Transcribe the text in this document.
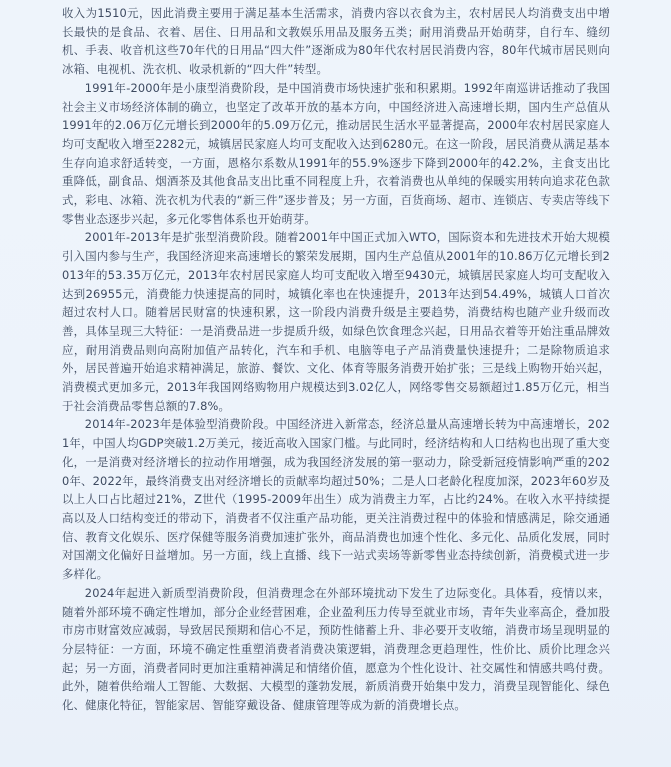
收入为1510元，因此消费主要用于满足基本生活需求，消费内容以衣食为主，农村居民人均消费支出中增长最快的是食品、衣着、居住、日用品和文教娱乐用品及服务五类；耐用消费品开始萌芽，自行车、缝纫机、手表、收音机这些70年代的日用品“四大件”逐渐成为80年代农村居民消费内容，80年代城市居民则向冰箱、电视机、洗衣机、收录机新的“四大件”转型。

1991年-2000年是小康型消费阶段，是中国消费市场快速扩张和积累期。1992年南巡讲话推动了我国社会主义市场经济体制的确立，也坚定了改革开放的基本方向，中国经济进入高速增长期，国内生产总值从1991年的2.06万亿元增长到2000年的5.09万亿元，推动居民生活水平显著提高，2000年农村居民家庭人均可支配收入增至2282元，城镇居民家庭人均可支配收入达到6280元。在这一阶段，居民消费从满足基本生存向追求舒适转变，一方面，恩格尔系数从1991年的55.9%逐步下降到2000年的42.2%，主食支出比重降低，副食品、烟酒茶及其他食品支出比重不同程度上升，衣着消费也从单纯的保暖实用转向追求花色款式，彩电、冰箱、洗衣机为代表的“新三件”逐步普及；另一方面，百货商场、超市、连锁店、专卖店等线下零售业态逐步兴起，多元化零售体系也开始萌芽。

2001年-2013年是扩张型消费阶段。随着2001年中国正式加入WTO，国际资本和先进技术开始大规模引入国内参与生产，我国经济迎来高速增长的繁荣发展期，国内生产总值从2001年的10.86万亿元增长到2013年的53.35万亿元，2013年农村居民家庭人均可支配收入增至9430元，城镇居民家庭人均可支配收入达到26955元，消费能力快速提高的同时，城镇化率也在快速提升，2013年达到54.49%，城镇人口首次超过农村人口。随着居民财富的快速积累，这一阶段内消费升级是主要趋势，消费结构也随产业升级而改善，具体呈现三大特征：一是消费品进一步提质升级，如绿色饮食理念兴起，日用品衣着等开始注重品牌效应，耐用消费品则向高附加值产品转化，汽车和手机、电脑等电子产品消费量快速提升；二是除物质追求外，居民普遍开始追求精神满足，旅游、餐饮、文化、体育等服务消费开始扩张；三是线上购物开始兴起，消费模式更加多元，2013年我国网络购物用户规模达到3.02亿人，网络零售交易额超过1.85万亿元，相当于社会消费品零售总额的7.8%。

2014年-2023年是体验型消费阶段。中国经济进入新常态，经济总量从高速增长转为中高速增长，2021年，中国人均GDP突破1.2万美元，接近高收入国家门槛。与此同时，经济结构和人口结构也出现了重大变化，一是消费对经济增长的拉动作用增强，成为我国经济发展的第一驱动力，除受新冠疫情影响严重的2020年、2022年，最终消费支出对经济增长的贡献率均超过50%；二是人口老龄化程度加深，2023年60岁及以上人口占比超过21%，Z世代（1995-2009年出生）成为消费主力军，占比约24%。在收入水平持续提高以及人口结构变迁的带动下，消费者不仅注重产品功能，更关注消费过程中的体验和情感满足，除交通通信、教育文化娱乐、医疗保健等服务消费加速扩张外，商品消费也加速个性化、多元化、品质化发展，同时对国潮文化偏好日益增加。另一方面，线上直播、线下一站式卖场等新零售业态持续创新，消费模式进一步多样化。

2024年起进入新质型消费阶段，但消费理念在外部环境扰动下发生了边际变化。具体看，疫情以来，随着外部环境不确定性增加，部分企业经营困难，企业盈利压力传导至就业市场，青年失业率高企，叠加股市房市财富效应减弱，导致居民预期和信心不足，预防性储蓄上升、非必要开支收缩，消费市场呈现明显的分层特征：一方面，环境不确定性重塑消费者消费决策逻辑，消费理念更趋理性，性价比、质价比理念兴起；另一方面，消费者同时更加注重精神满足和情绪价值，愿意为个性化设计、社交属性和情感共鸣付费。此外，随着供给端人工智能、大数据、大模型的蓬勃发展，新质消费开始集中发力，消费呈现智能化、绿色化、健康化特征，智能家居、智能穿戴设备、健康管理等成为新的消费增长点。
